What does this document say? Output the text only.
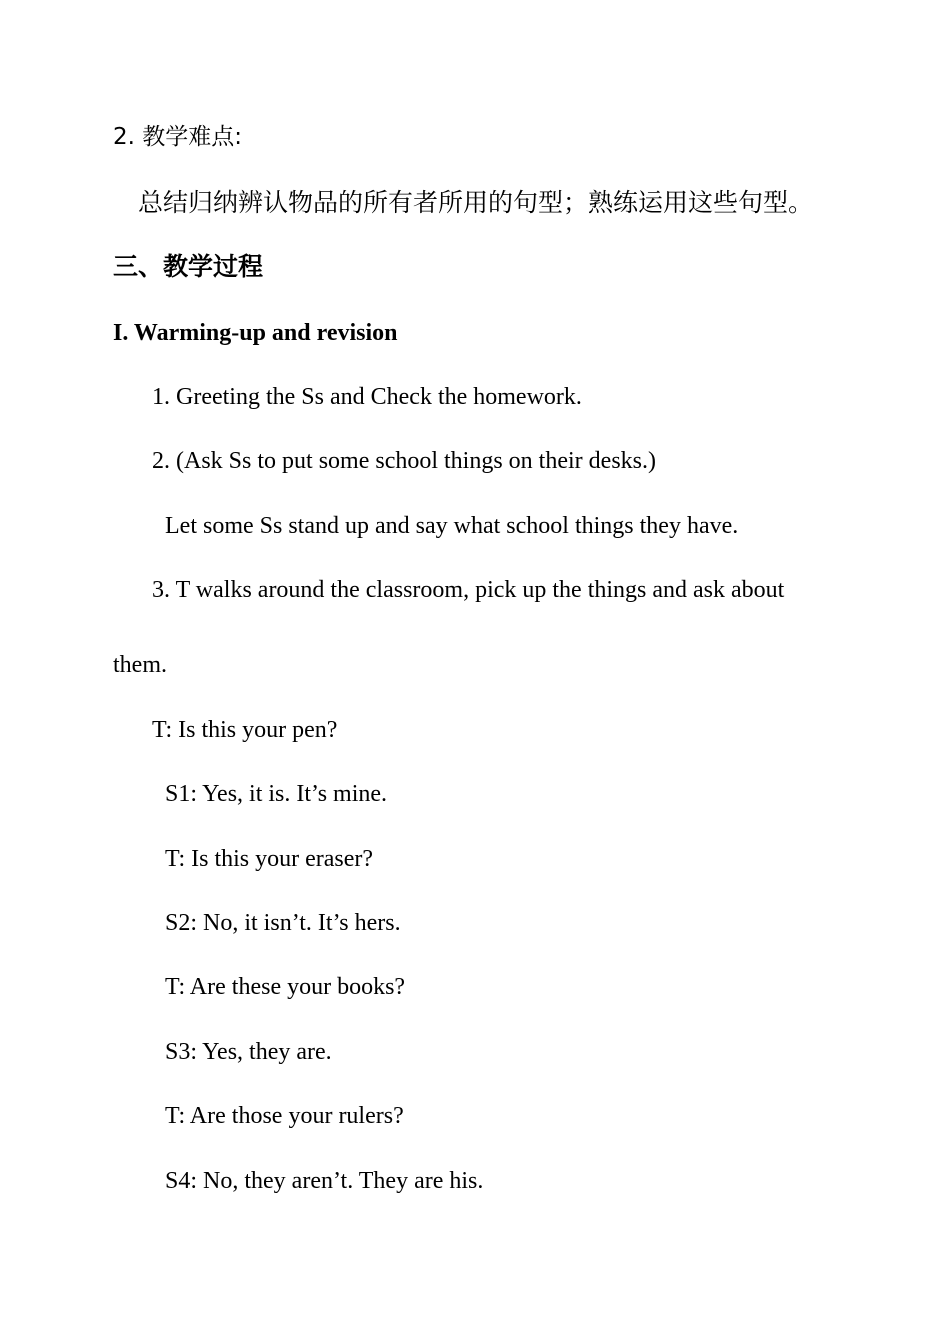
2. 教学难点:
总结归纳辨认物品的所有者所用的句型；熟练运用这些句型。
三、教学过程
I. Warming-up and revision
1. Greeting the Ss and Check the homework.
2. (Ask Ss to put some school things on their desks.)
Let some Ss stand up and say what school things they have.
3. T walks around the classroom, pick up the things and ask about
them.
T: Is this your pen?
S1: Yes, it is. It’s mine.
T: Is this your eraser?
S2: No, it isn’t. It’s hers.
T: Are these your books?
S3: Yes, they are.
T: Are those your rulers?
S4: No, they aren’t. They are his.
